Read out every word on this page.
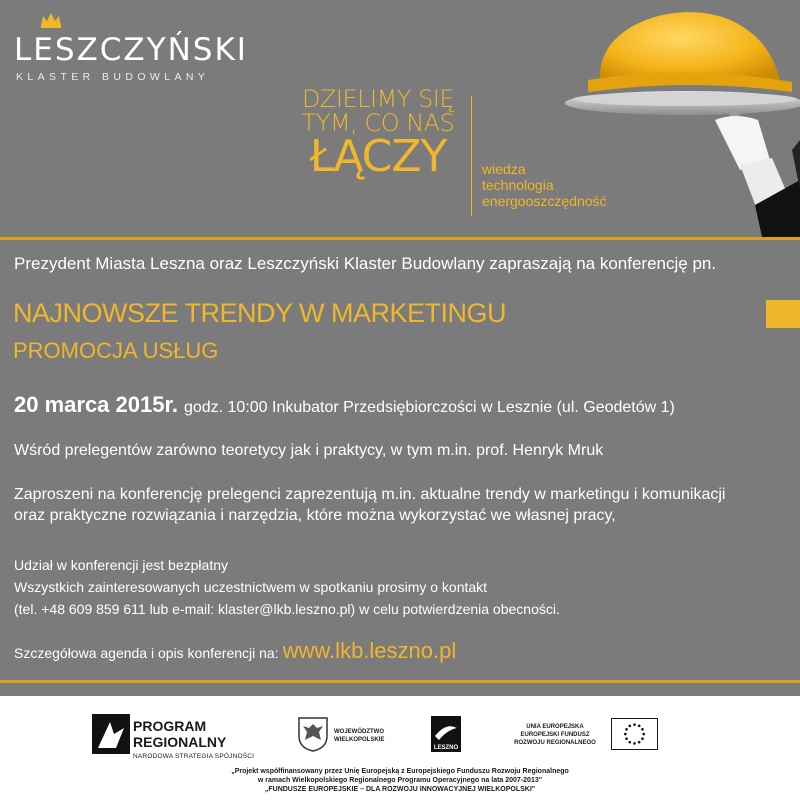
LESZCZYŃSKI
KLASTER BUDOWLANY
DZIELIMY SIĘ
TYM, CO NAS
ŁĄCZY	wiedza
technologia
energooszczędność
Prezydent Miasta Leszna oraz Leszczyński Klaster Budowlany zapraszają na konferencję pn.
NAJNOWSZE TRENDY W MARKETINGU
PROMOCJA USŁUG
20 marca 2015r. godz. 10:00 Inkubator Przedsiębiorczości w Lesznie (ul. Geodetów 1)
Wśród prelegentów zarówno teoretycy jak i praktycy, w tym m.in. prof. Henryk Mruk
Zaproszeni na konferencję prelegenci zaprezentują m.in. aktualne trendy w marketingu i komunikacji
oraz praktyczne rozwiązania i narzędzia, które można wykorzystać we własnej pracy,
Udział w konferencji jest bezpłatny
Wszystkich zainteresowanych uczestnictwem w spotkaniu prosimy o kontakt
(tel. +48 609 859 611 lub e-mail: klaster@lkb.leszno.pl) w celu potwierdzenia obecności.
Szczegółowa agenda i opis konferencji na: www.lkb.leszno.pl
PROGRAM
REGIONALNY
NARODOWA STRATEGIA SPÓJNOŚCI
WOJEWÓDZTWO
WIELKOPOLSKIE
LESZNO
UNIA EUROPEJSKA
EUROPEJSKI FUNDUSZ
ROZWOJU REGIONALNEGO
„Projekt współfinansowany przez Unię Europejską z Europejskiego Funduszu Rozwoju Regionalnego
w ramach Wielkopolskiego Regionalnego Programu Operacyjnego na lata 2007-2013"
„FUNDUSZE EUROPEJSKIE – DLA ROZWOJU INNOWACYJNEJ WIELKOPOLSKI"
